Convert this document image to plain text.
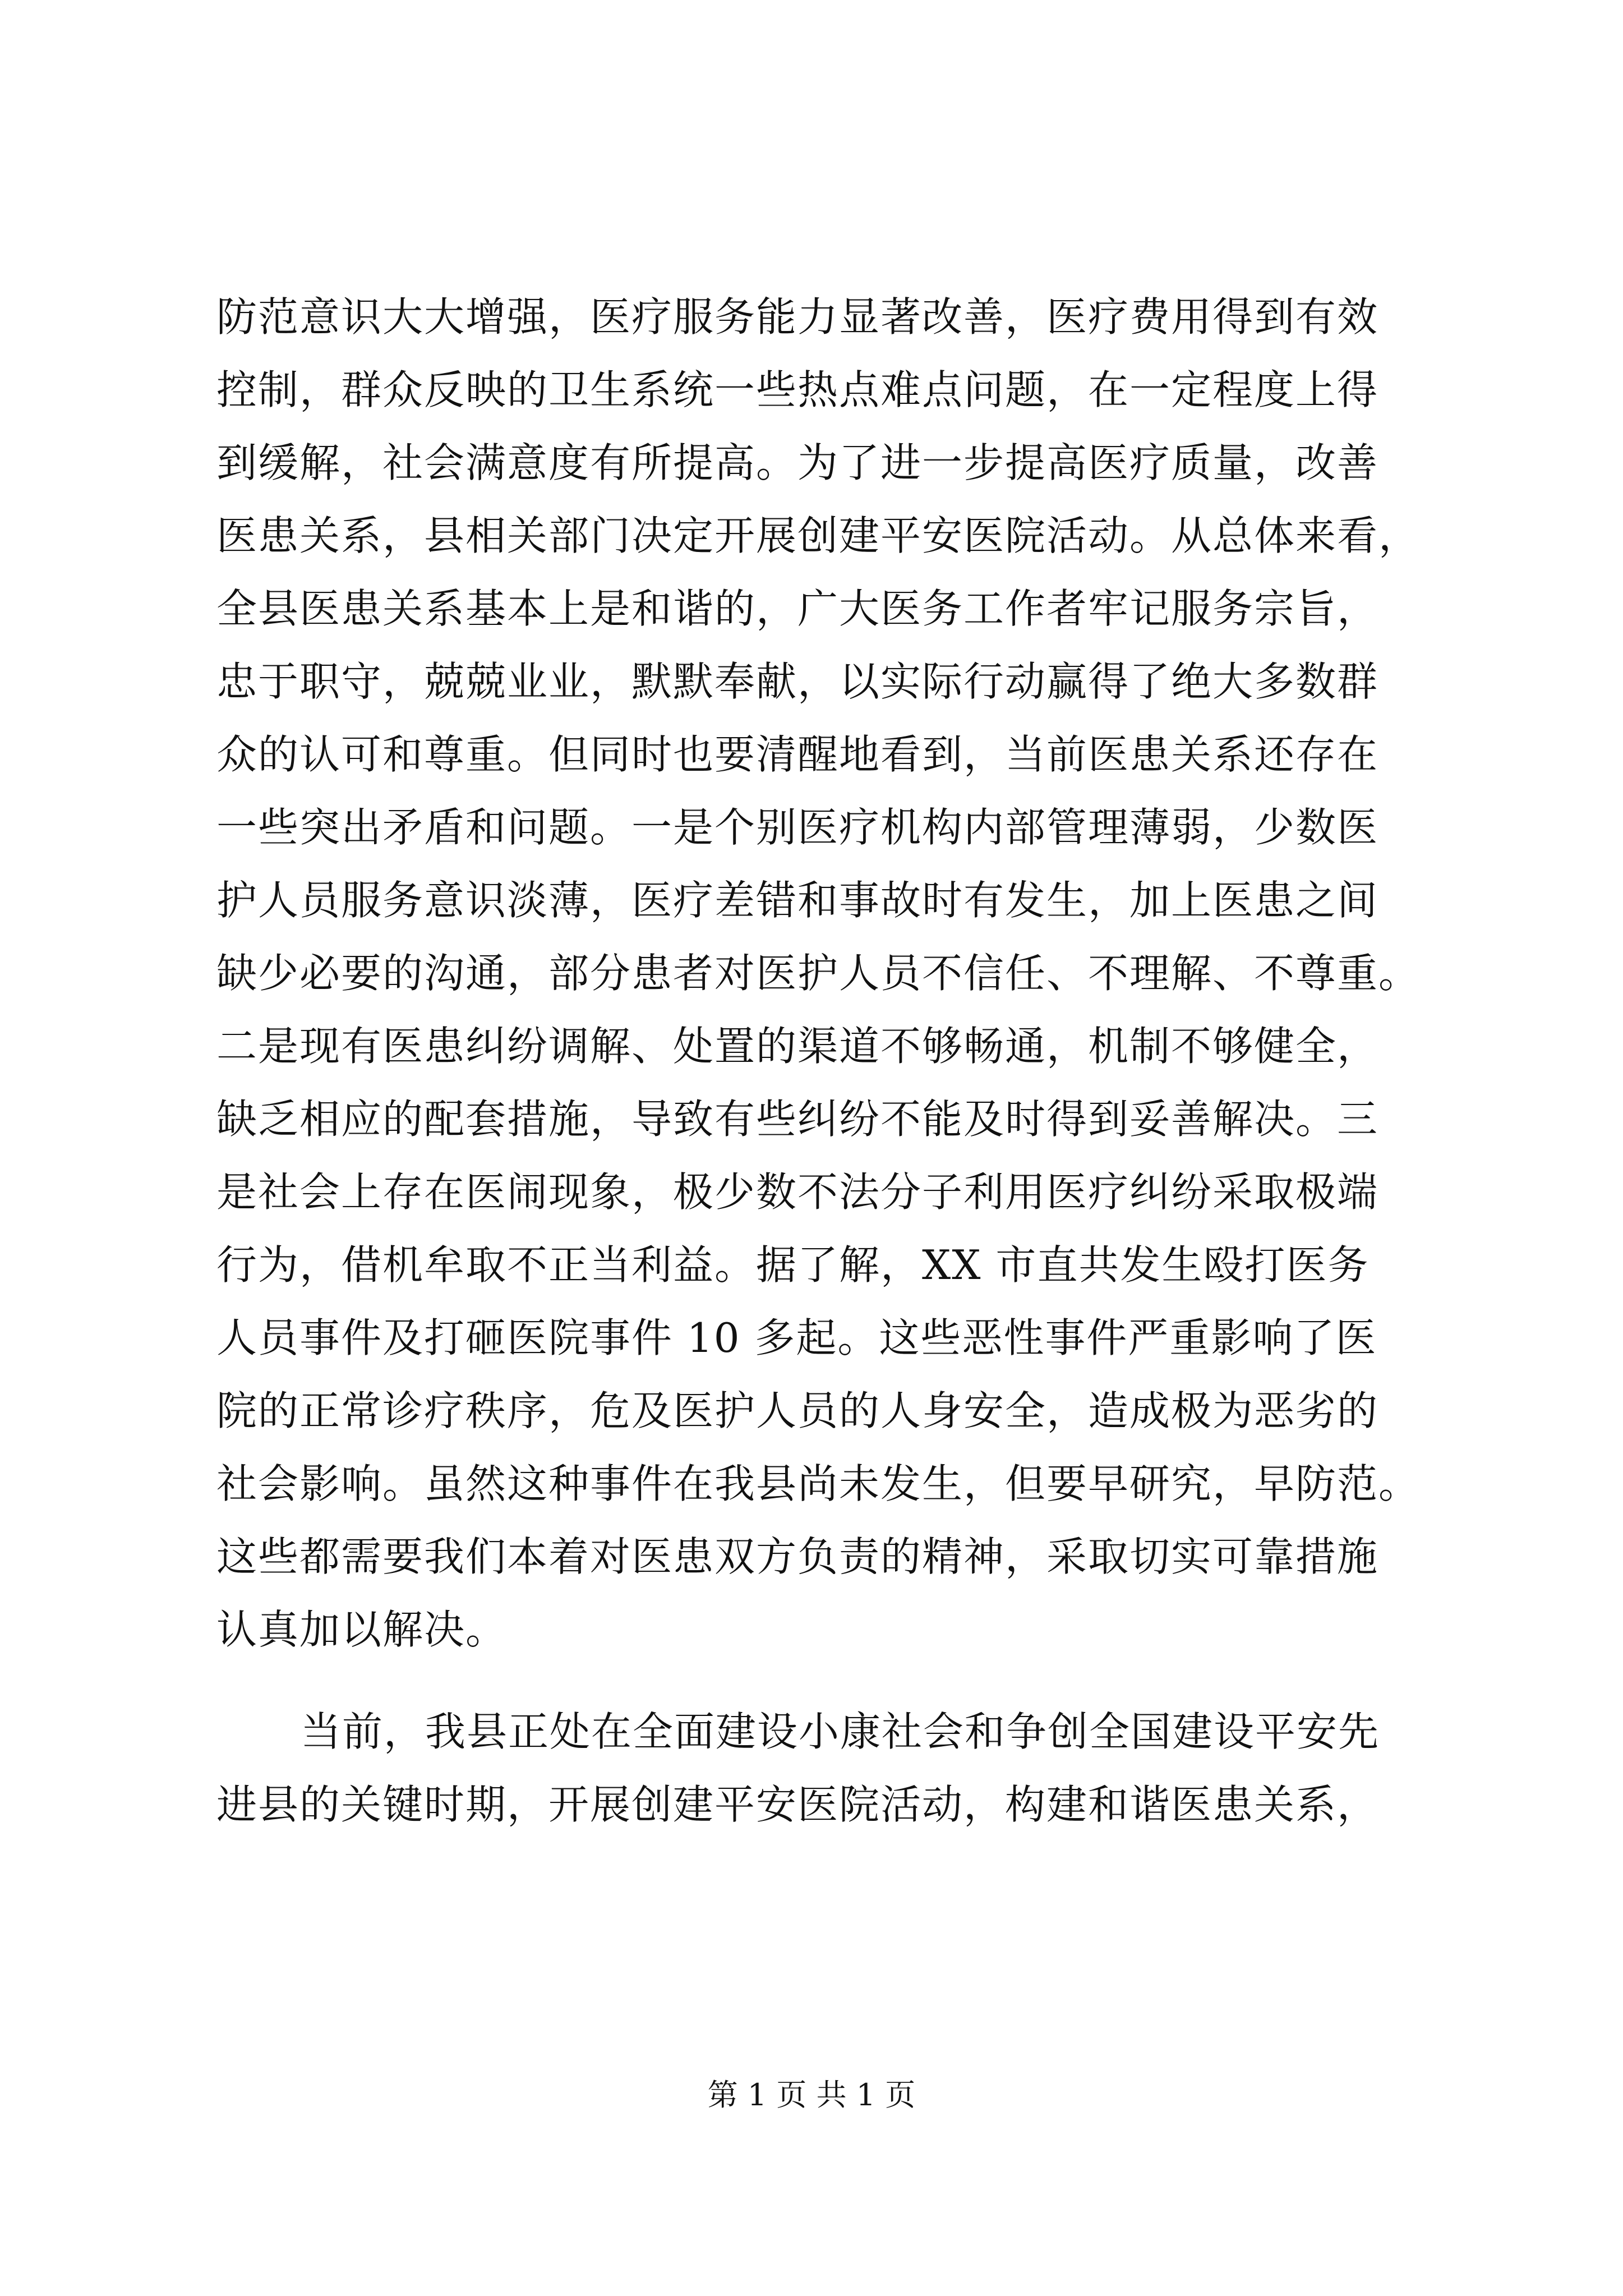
防范意识大大增强，医疗服务能力显著改善，医疗费用得到有效
控制，群众反映的卫生系统一些热点难点问题，在一定程度上得
到缓解，社会满意度有所提高。为了进一步提高医疗质量，改善
医患关系，县相关部门决定开展创建平安医院活动。从总体来看，
全县医患关系基本上是和谐的，广大医务工作者牢记服务宗旨，
忠于职守，兢兢业业，默默奉献，以实际行动赢得了绝大多数群
众的认可和尊重。但同时也要清醒地看到，当前医患关系还存在
一些突出矛盾和问题。一是个别医疗机构内部管理薄弱，少数医
护人员服务意识淡薄，医疗差错和事故时有发生，加上医患之间
缺少必要的沟通，部分患者对医护人员不信任、不理解、不尊重。
二是现有医患纠纷调解、处置的渠道不够畅通，机制不够健全，
缺乏相应的配套措施，导致有些纠纷不能及时得到妥善解决。三
是社会上存在医闹现象，极少数不法分子利用医疗纠纷采取极端
行为，借机牟取不正当利益。据了解，XX 市直共发生殴打医务
人员事件及打砸医院事件 10 多起。这些恶性事件严重影响了医
院的正常诊疗秩序，危及医护人员的人身安全，造成极为恶劣的
社会影响。虽然这种事件在我县尚未发生，但要早研究，早防范。
这些都需要我们本着对医患双方负责的精神，采取切实可靠措施
认真加以解决。
当前，我县正处在全面建设小康社会和争创全国建设平安先
进县的关键时期，开展创建平安医院活动，构建和谐医患关系，
第 1 页 共 1 页
